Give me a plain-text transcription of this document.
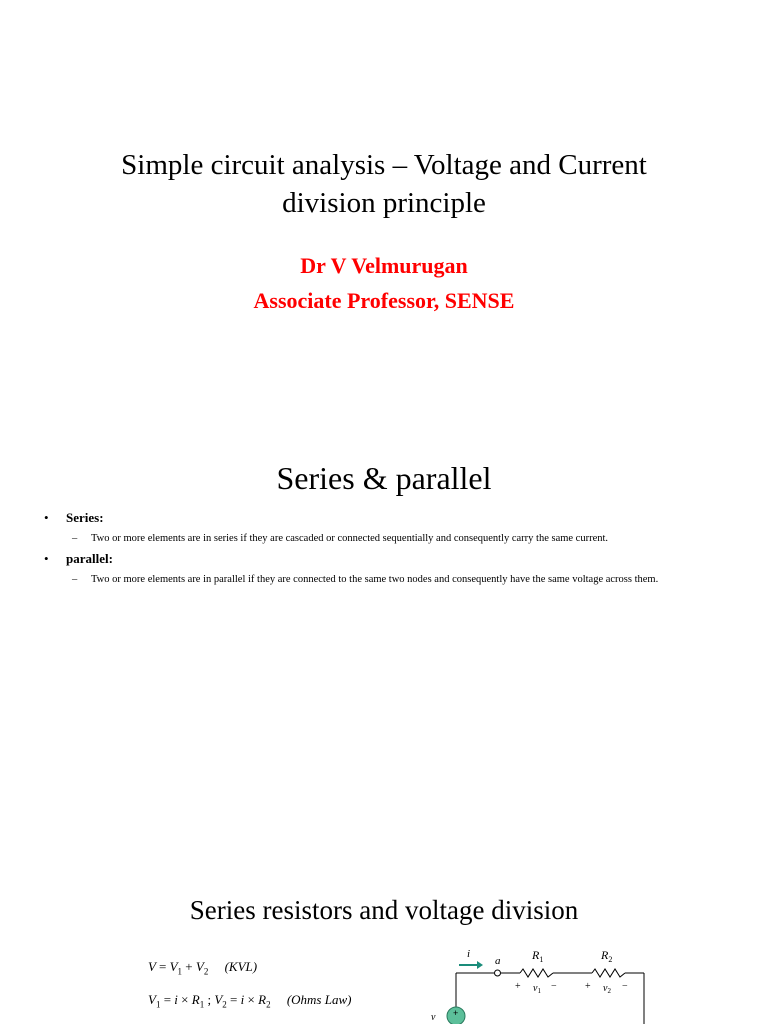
Simple circuit analysis – Voltage and Current
division principle
Dr V Velmurugan
Associate Professor, SENSE
Series & parallel
• Series:
– Two or more elements are in series if they are cascaded or connected sequentially and consequently carry the same current.
• parallel:
– Two or more elements are in parallel if they are connected to the same two nodes and consequently have the same voltage across them.
Series resistors and voltage division
$V = V_1 + V_2$ (KVL)
$V_1 = i \times R_1$ ; $V_2 = i \times R_2$ (Ohms Law)
i
a	$R_1$
+ $v_1$ −
$R_2$
+ $v_2$ −
+
v
